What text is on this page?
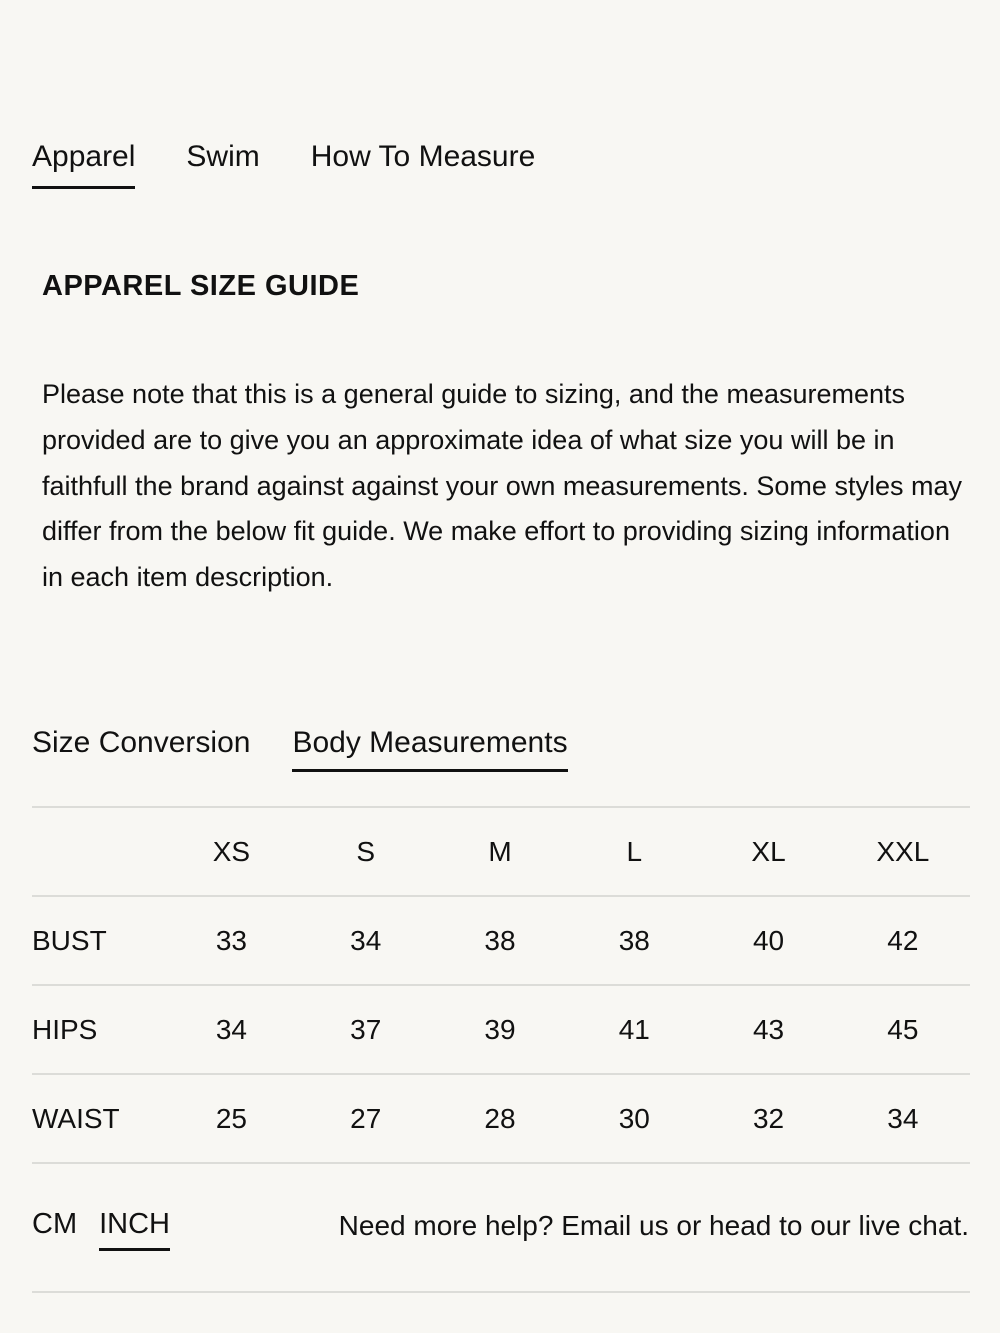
Apparel Swim How To Measure
APPAREL SIZE GUIDE

Please note that this is a general guide to sizing, and the measurements provided are to give you an approximate idea of what size you will be in faithfull the brand against against your own measurements. Some styles may differ from the below fit guide. We make effort to providing sizing information in each item description.

Size Conversion Body Measurements
	XS	S	M	L	XL	XXL
BUST	33	34	38	38	40	42
HIPS	34	37	39	41	43	45
WAIST	25	27	28	30	32	34
CM INCH	Need more help? Email us or head to our live chat.
